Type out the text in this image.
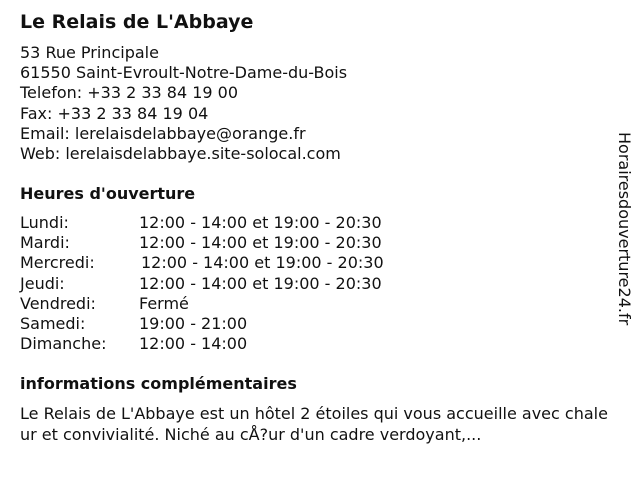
Le Relais de L'Abbaye
53 Rue Principale
61550 Saint-Evroult-Notre-Dame-du-Bois
Telefon: +33 2 33 84 19 00
Fax: +33 2 33 84 19 04
Email: lerelaisdelabbaye@orange.fr
Web: lerelaisdelabbaye.site-solocal.com
Heures d'ouverture
Lundi:	12:00 - 14:00 et 19:00 - 20:30
Mardi:	12:00 - 14:00 et 19:00 - 20:30
Mercredi:	12:00 - 14:00 et 19:00 - 20:30
Jeudi:	12:00 - 14:00 et 19:00 - 20:30
Vendredi:	Fermé
Samedi:	19:00 - 21:00
Dimanche: 12:00 - 14:00
informations complémentaires
Le Relais de L'Abbaye est un hôtel 2 étoiles qui vous accueille avec chaleur et convivialité. Niché au cÅ?ur d'un cadre verdoyant,...
Horairesdouverture24.fr
